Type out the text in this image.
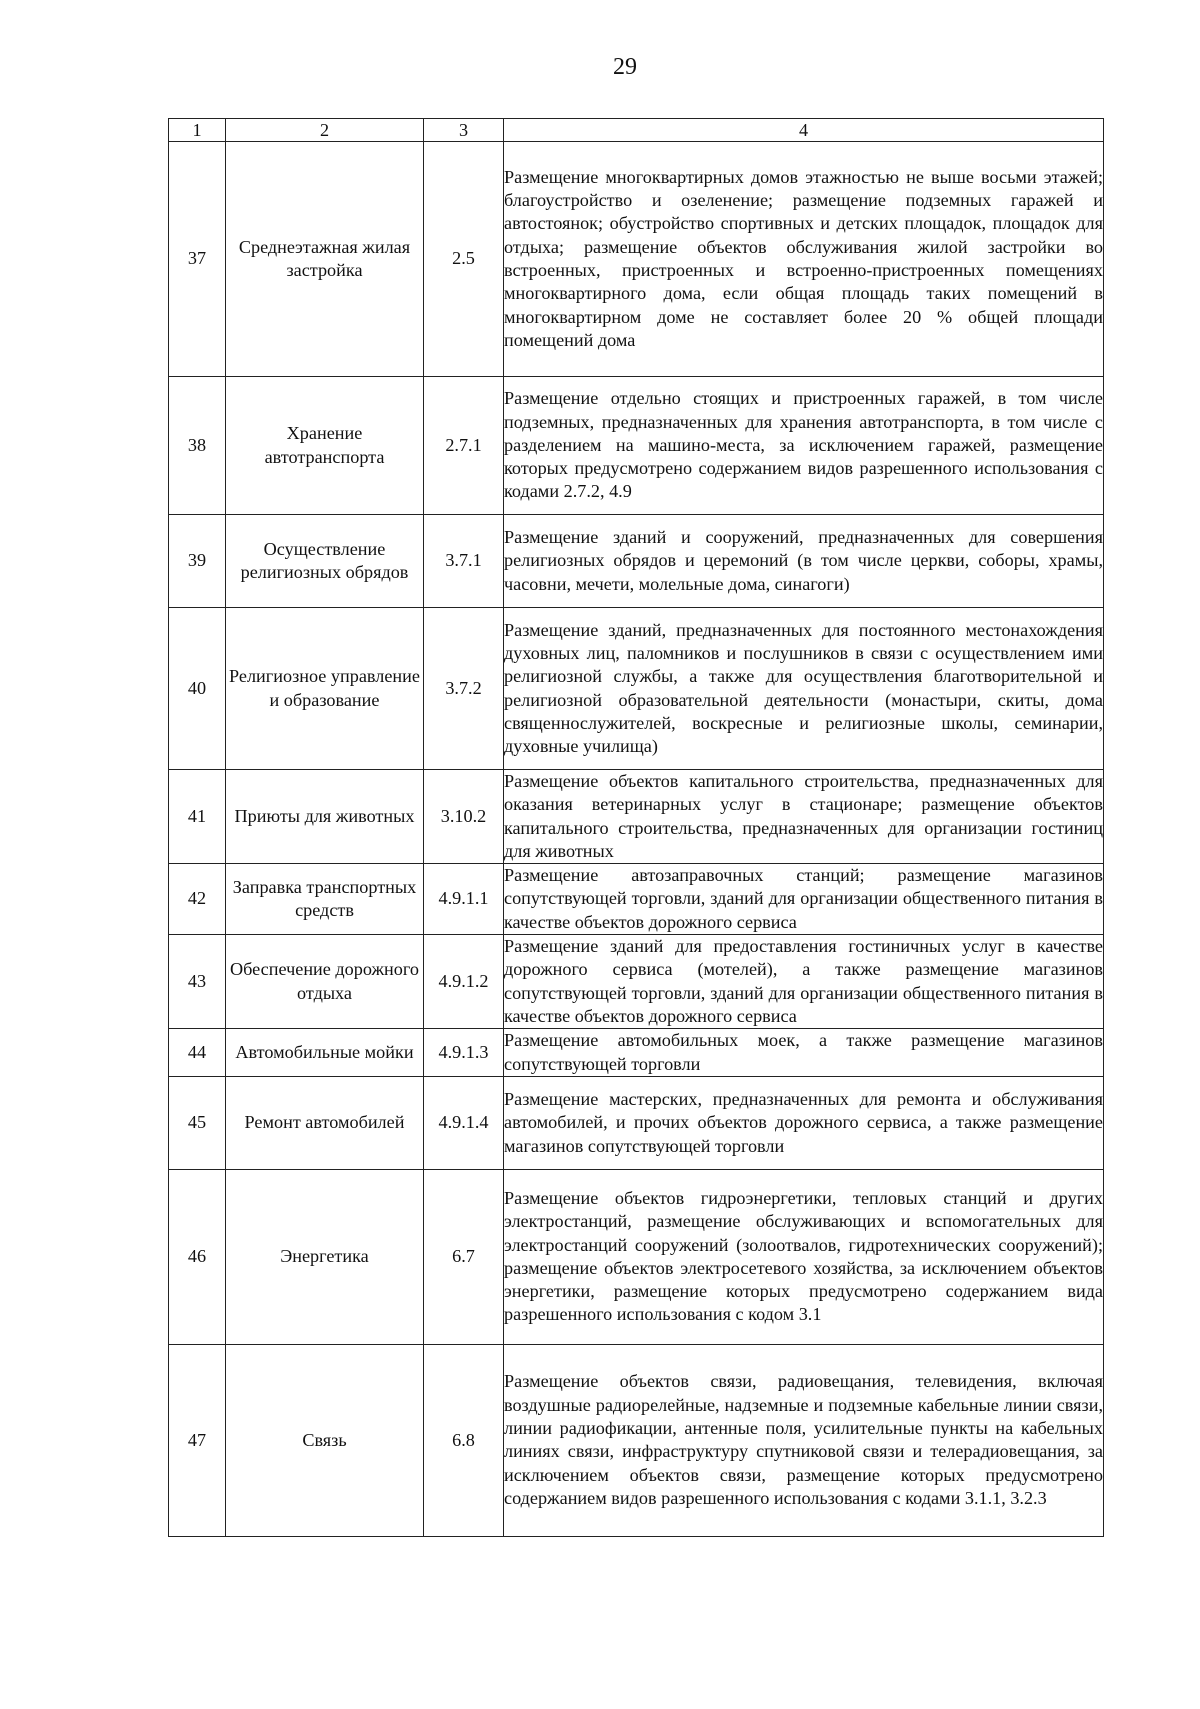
29
1	2	3	4
37	Среднеэтажная жилая застройка	2.5	Размещение многоквартирных домов этажностью не выше восьми этажей; благоустройство и озеленение; размещение подземных гаражей и автостоянок; обустройство спортивных и детских площадок, площадок для отдыха; размещение объектов обслуживания жилой застройки во встроенных, пристроенных и встроенно-пристроенных помещениях многоквартирного дома, если общая площадь таких помещений в многоквартирном доме не составляет более 20 % общей площади помещений дома
38	Хранение автотранспорта	2.7.1	Размещение отдельно стоящих и пристроенных гаражей, в том числе подземных, предназначенных для хранения автотранспорта, в том числе с разделением на машино-места, за исключением гаражей, размещение которых предусмотрено содержанием видов разрешенного использования с кодами 2.7.2, 4.9
39	Осуществление религиозных обрядов	3.7.1	Размещение зданий и сооружений, предназначенных для совершения религиозных обрядов и церемоний (в том числе церкви, соборы, храмы, часовни, мечети, молельные дома, синагоги)
40	Религиозное управление и образование	3.7.2	Размещение зданий, предназначенных для постоянного местонахождения духовных лиц, паломников и послушников в связи с осуществлением ими религиозной службы, а также для осуществления благотворительной и религиозной образовательной деятельности (монастыри, скиты, дома священнослужителей, воскресные и религиозные школы, семинарии, духовные училища)
41	Приюты для животных	3.10.2	Размещение объектов капитального строительства, предназначенных для оказания ветеринарных услуг в стационаре; размещение объектов капитального строительства, предназначенных для организации гостиниц для животных
42	Заправка транспортных средств	4.9.1.1	Размещение автозаправочных станций; размещение магазинов сопутствующей торговли, зданий для организации общественного питания в качестве объектов дорожного сервиса
43	Обеспечение дорожного отдыха	4.9.1.2	Размещение зданий для предоставления гостиничных услуг в качестве дорожного сервиса (мотелей), а также размещение магазинов сопутствующей торговли, зданий для организации общественного питания в качестве объектов дорожного сервиса
44	Автомобильные мойки	4.9.1.3	Размещение автомобильных моек, а также размещение магазинов сопутствующей торговли
45	Ремонт автомобилей	4.9.1.4	Размещение мастерских, предназначенных для ремонта и обслуживания автомобилей, и прочих объектов дорожного сервиса, а также размещение магазинов сопутствующей торговли
46	Энергетика	6.7	Размещение объектов гидроэнергетики, тепловых станций и других электростанций, размещение обслуживающих и вспомогательных для электростанций сооружений (золоотвалов, гидротехнических сооружений); размещение объектов электросетевого хозяйства, за исключением объектов энергетики, размещение которых предусмотрено содержанием вида разрешенного использования с кодом 3.1
47	Связь	6.8	Размещение объектов связи, радиовещания, телевидения, включая воздушные радиорелейные, надземные и подземные кабельные линии связи, линии радиофикации, антенные поля, усилительные пункты на кабельных линиях связи, инфраструктуру спутниковой связи и телерадиовещания, за исключением объектов связи, размещение которых предусмотрено содержанием видов разрешенного использования с кодами 3.1.1, 3.2.3
